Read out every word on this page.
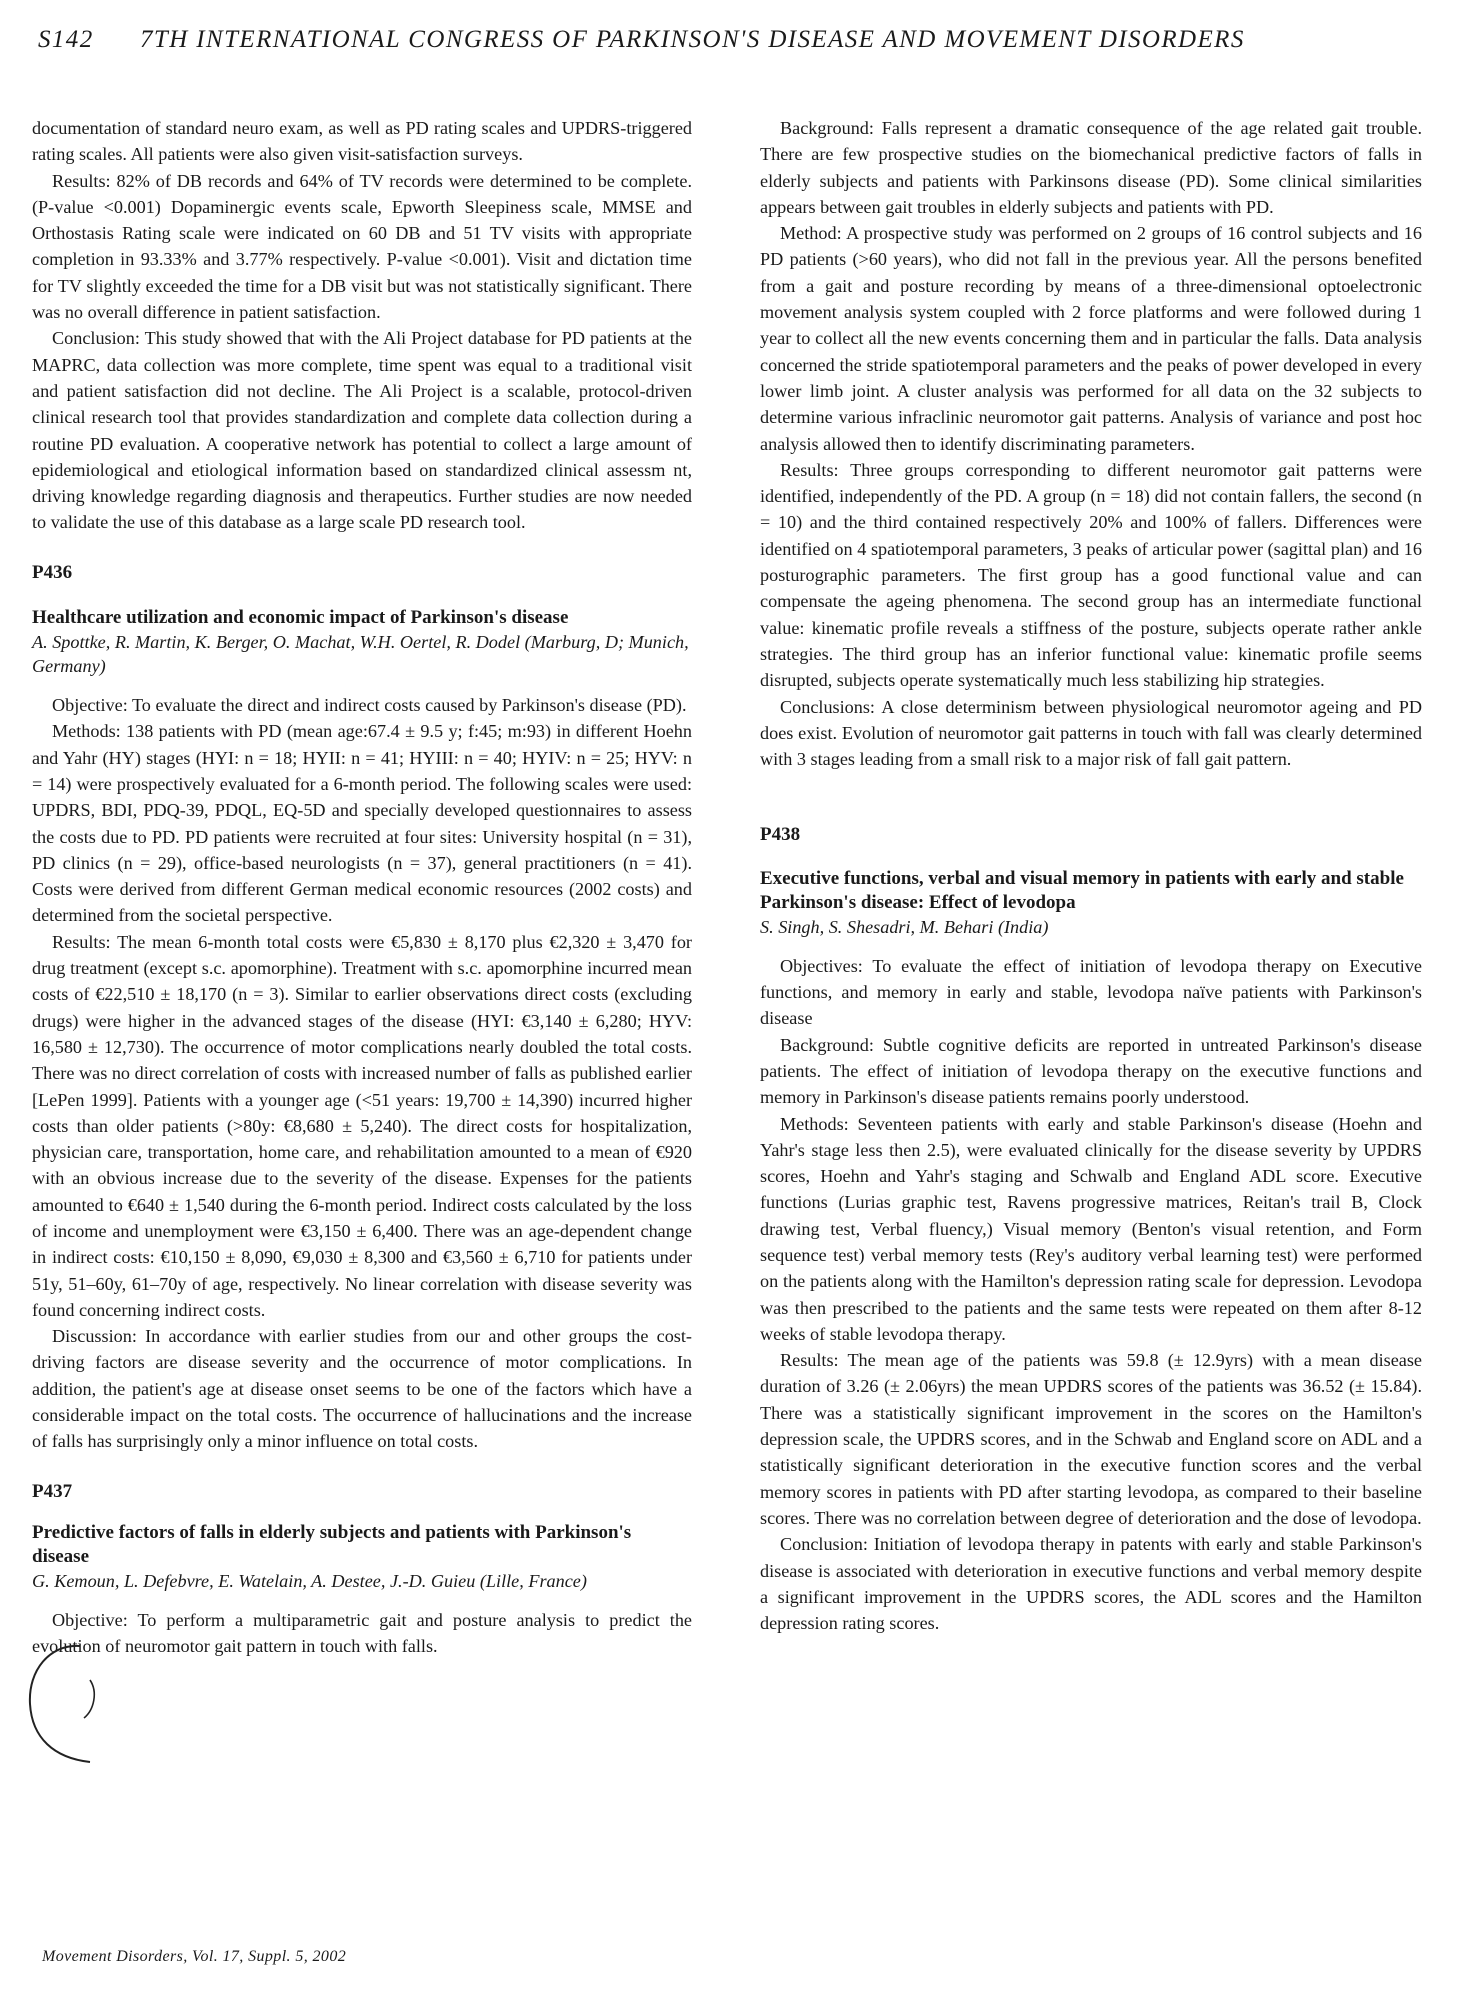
S142 7TH INTERNATIONAL CONGRESS OF PARKINSON'S DISEASE AND MOVEMENT DISORDERS

documentation of standard neuro exam, as well as PD rating scales and UPDRS-triggered rating scales. All patients were also given visit-satisfaction surveys.

Results: 82% of DB records and 64% of TV records were determined to be complete. (P-value <0.001) Dopaminergic events scale, Epworth Sleepiness scale, MMSE and Orthostasis Rating scale were indicated on 60 DB and 51 TV visits with appropriate completion in 93.33% and 3.77% respectively. P-value <0.001). Visit and dictation time for TV slightly exceeded the time for a DB visit but was not statistically significant. There was no overall difference in patient satisfaction.

Conclusion: This study showed that with the Ali Project database for PD patients at the MAPRC, data collection was more complete, time spent was equal to a traditional visit and patient satisfaction did not decline. The Ali Project is a scalable, protocol-driven clinical research tool that provides standardization and complete data collection during a routine PD evaluation. A cooperative network has potential to collect a large amount of epidemiological and etiological information based on standardized clinical assessm nt, driving knowledge regarding diagnosis and therapeutics. Further studies are now needed to validate the use of this database as a large scale PD research tool.

P436

Healthcare utilization and economic impact of Parkinson's disease

A. Spottke, R. Martin, K. Berger, O. Machat, W.H. Oertel, R. Dodel (Marburg, D; Munich, Germany)

Objective: To evaluate the direct and indirect costs caused by Parkinson's disease (PD).

Methods: 138 patients with PD (mean age:67.4 ± 9.5 y; f:45; m:93) in different Hoehn and Yahr (HY) stages (HYI: n = 18; HYII: n = 41; HYIII: n = 40; HYIV: n = 25; HYV: n = 14) were prospectively evaluated for a 6-month period. The following scales were used: UPDRS, BDI, PDQ-39, PDQL, EQ-5D and specially developed questionnaires to assess the costs due to PD. PD patients were recruited at four sites: University hospital (n = 31), PD clinics (n = 29), office-based neurologists (n = 37), general practitioners (n = 41). Costs were derived from different German medical economic resources (2002 costs) and determined from the societal perspective.

Results: The mean 6-month total costs were €5,830 ± 8,170 plus €2,320 ± 3,470 for drug treatment (except s.c. apomorphine). Treatment with s.c. apomorphine incurred mean costs of €22,510 ± 18,170 (n = 3). Similar to earlier observations direct costs (excluding drugs) were higher in the advanced stages of the disease (HYI: €3,140 ± 6,280; HYV: 16,580 ± 12,730). The occurrence of motor complications nearly doubled the total costs. There was no direct correlation of costs with increased number of falls as published earlier [LePen 1999]. Patients with a younger age (<51 years: 19,700 ± 14,390) incurred higher costs than older patients (>80y: €8,680 ± 5,240). The direct costs for hospitalization, physician care, transportation, home care, and rehabilitation amounted to a mean of €920 with an obvious increase due to the severity of the disease. Expenses for the patients amounted to €640 ± 1,540 during the 6-month period. Indirect costs calculated by the loss of income and unemployment were €3,150 ± 6,400. There was an age-dependent change in indirect costs: €10,150 ± 8,090, €9,030 ± 8,300 and €3,560 ± 6,710 for patients under 51y, 51–60y, 61–70y of age, respectively. No linear correlation with disease severity was found concerning indirect costs.

Discussion: In accordance with earlier studies from our and other groups the cost-driving factors are disease severity and the occurrence of motor complications. In addition, the patient's age at disease onset seems to be one of the factors which have a considerable impact on the total costs. The occurrence of hallucinations and the increase of falls has surprisingly only a minor influence on total costs.

P437

Predictive factors of falls in elderly subjects and patients with Parkinson's disease

G. Kemoun, L. Defebvre, E. Watelain, A. Destee, J.-D. Guieu (Lille, France)

Objective: To perform a multiparametric gait and posture analysis to predict the evolution of neuromotor gait pattern in touch with falls.

Background: Falls represent a dramatic consequence of the age related gait trouble. There are few prospective studies on the biomechanical predictive factors of falls in elderly subjects and patients with Parkinsons disease (PD). Some clinical similarities appears between gait troubles in elderly subjects and patients with PD.

Method: A prospective study was performed on 2 groups of 16 control subjects and 16 PD patients (>60 years), who did not fall in the previous year. All the persons benefited from a gait and posture recording by means of a three-dimensional optoelectronic movement analysis system coupled with 2 force platforms and were followed during 1 year to collect all the new events concerning them and in particular the falls. Data analysis concerned the stride spatiotemporal parameters and the peaks of power developed in every lower limb joint. A cluster analysis was performed for all data on the 32 subjects to determine various infraclinic neuromotor gait patterns. Analysis of variance and post hoc analysis allowed then to identify discriminating parameters.

Results: Three groups corresponding to different neuromotor gait patterns were identified, independently of the PD. A group (n = 18) did not contain fallers, the second (n = 10) and the third contained respectively 20% and 100% of fallers. Differences were identified on 4 spatiotemporal parameters, 3 peaks of articular power (sagittal plan) and 16 posturographic parameters. The first group has a good functional value and can compensate the ageing phenomena. The second group has an intermediate functional value: kinematic profile reveals a stiffness of the posture, subjects operate rather ankle strategies. The third group has an inferior functional value: kinematic profile seems disrupted, subjects operate systematically much less stabilizing hip strategies.

Conclusions: A close determinism between physiological neuromotor ageing and PD does exist. Evolution of neuromotor gait patterns in touch with fall was clearly determined with 3 stages leading from a small risk to a major risk of fall gait pattern.

P438

Executive functions, verbal and visual memory in patients with early and stable Parkinson's disease: Effect of levodopa

S. Singh, S. Shesadri, M. Behari (India)

Objectives: To evaluate the effect of initiation of levodopa therapy on Executive functions, and memory in early and stable, levodopa naïve patients with Parkinson's disease

Background: Subtle cognitive deficits are reported in untreated Parkinson's disease patients. The effect of initiation of levodopa therapy on the executive functions and memory in Parkinson's disease patients remains poorly understood.

Methods: Seventeen patients with early and stable Parkinson's disease (Hoehn and Yahr's stage less then 2.5), were evaluated clinically for the disease severity by UPDRS scores, Hoehn and Yahr's staging and Schwalb and England ADL score. Executive functions (Lurias graphic test, Ravens progressive matrices, Reitan's trail B, Clock drawing test, Verbal fluency,) Visual memory (Benton's visual retention, and Form sequence test) verbal memory tests (Rey's auditory verbal learning test) were performed on the patients along with the Hamilton's depression rating scale for depression. Levodopa was then prescribed to the patients and the same tests were repeated on them after 8-12 weeks of stable levodopa therapy.

Results: The mean age of the patients was 59.8 (± 12.9yrs) with a mean disease duration of 3.26 (± 2.06yrs) the mean UPDRS scores of the patients was 36.52 (± 15.84). There was a statistically significant improvement in the scores on the Hamilton's depression scale, the UPDRS scores, and in the Schwab and England score on ADL and a statistically significant deterioration in the executive function scores and the verbal memory scores in patients with PD after starting levodopa, as compared to their baseline scores. There was no correlation between degree of deterioration and the dose of levodopa.

Conclusion: Initiation of levodopa therapy in patents with early and stable Parkinson's disease is associated with deterioration in executive functions and verbal memory despite a significant improvement in the UPDRS scores, the ADL scores and the Hamilton depression rating scores.

Movement Disorders, Vol. 17, Suppl. 5, 2002
